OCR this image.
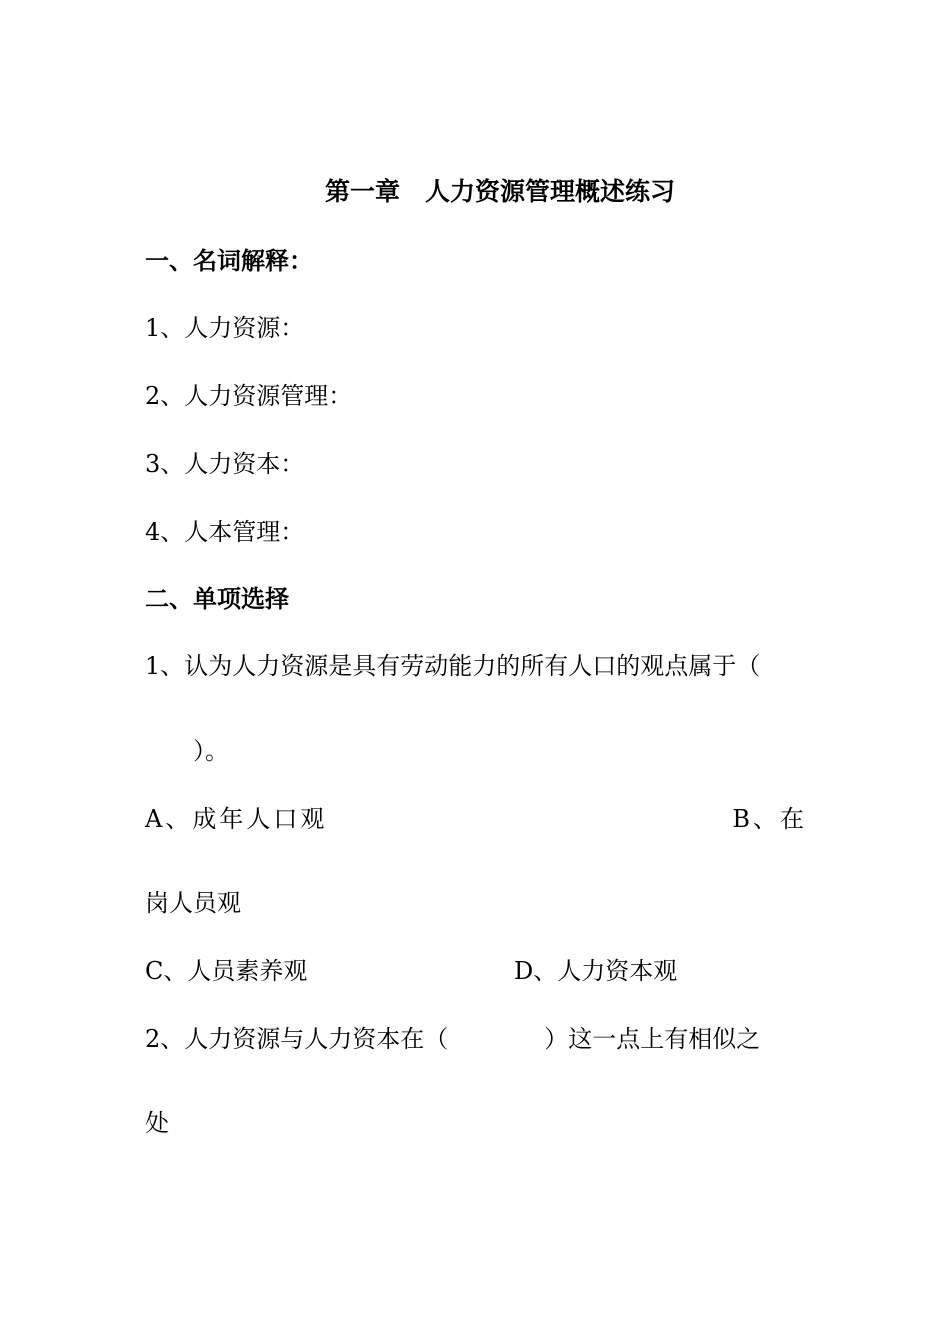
第一章　人力资源管理概述练习
一、名词解释：
1、人力资源：
2、人力资源管理：
3、人力资本：
4、人本管理：
二、单项选择
1、认为人力资源是具有劳动能力的所有人口的观点属于（
）。
A、成年人口观	B、在
岗人员观
C、人员素养观	D、人力资本观
2、人力资源与人力资本在（　　　　）这一点上有相似之
处
